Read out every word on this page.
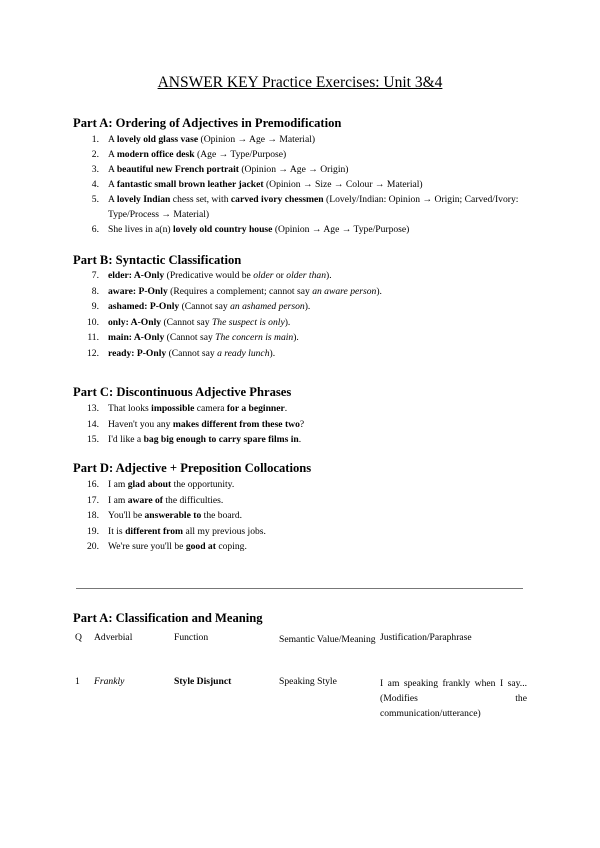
ANSWER KEY Practice Exercises: Unit 3&4
Part A: Ordering of Adjectives in Premodification
1. A lovely old glass vase (Opinion → Age → Material)
2. A modern office desk (Age → Type/Purpose)
3. A beautiful new French portrait (Opinion → Age → Origin)
4. A fantastic small brown leather jacket (Opinion → Size → Colour → Material)
5. A lovely Indian chess set, with carved ivory chessmen (Lovely/Indian: Opinion → Origin; Carved/Ivory: Type/Process → Material)
6. She lives in a(n) lovely old country house (Opinion → Age → Type/Purpose)
Part B: Syntactic Classification
7. elder: A-Only (Predicative would be older or older than).
8. aware: P-Only (Requires a complement; cannot say an aware person).
9. ashamed: P-Only (Cannot say an ashamed person).
10. only: A-Only (Cannot say The suspect is only).
11. main: A-Only (Cannot say The concern is main).
12. ready: P-Only (Cannot say a ready lunch).
Part C: Discontinuous Adjective Phrases
13. That looks impossible camera for a beginner.
14. Haven't you any makes different from these two?
15. I'd like a bag big enough to carry spare films in.
Part D: Adjective + Preposition Collocations
16. I am glad about the opportunity.
17. I am aware of the difficulties.
18. You'll be answerable to the board.
19. It is different from all my previous jobs.
20. We're sure you'll be good at coping.
Part A: Classification and Meaning
Q	Adverbial	Function	Semantic Value/Meaning	Justification/Paraphrase
1	Frankly	Style Disjunct	Speaking Style	I am speaking frankly when I say... (Modifies the communication/utterance)
